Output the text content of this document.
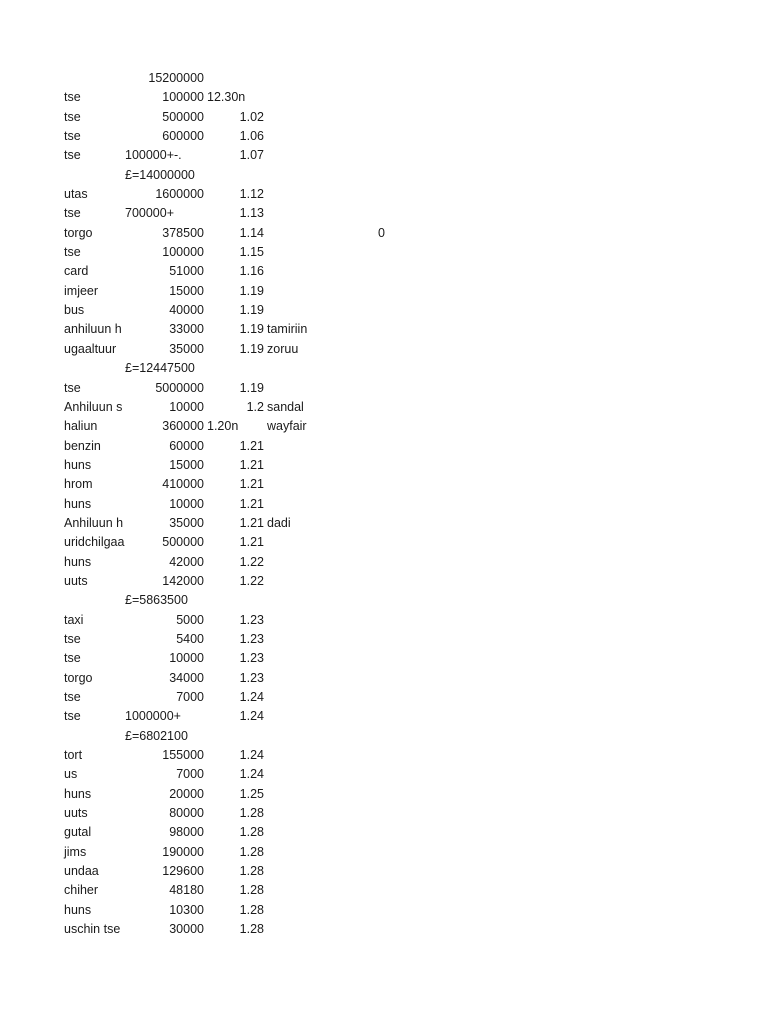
15200000
tse	100000 12.30n
tse	500000	1.02
tse	600000	1.06
tse	100000+-.	1.07
£=14000000
utas	1600000	1.12
tse	700000+	1.13
torgo	378500	1.14	0
tse	100000	1.15
card	51000	1.16
imjeer	15000	1.19
bus	40000	1.19
anhiluun h	33000	1.19 tamiriin
ugaaltuur	35000	1.19 zoruu
£=12447500
tse	5000000	1.19
Anhiluun s	10000	1.2 sandal
haliun	360000 1.20n wayfair
benzin	60000	1.21
huns	15000	1.21
hrom	410000	1.21
huns	10000	1.21
Anhiluun h	35000	1.21 dadi
uridchilgaa	500000	1.21
huns	42000	1.22
uuts	142000	1.22
£=5863500
taxi	5000	1.23
tse	5400	1.23
tse	10000	1.23
torgo	34000	1.23
tse	7000	1.24
tse	1000000+	1.24
£=6802100
tort	155000	1.24
us	7000	1.24
huns	20000	1.25
uuts	80000	1.28
gutal	98000	1.28
jims	190000	1.28
undaa	129600	1.28
chiher	48180	1.28
huns	10300	1.28
uschin tse	30000	1.28
